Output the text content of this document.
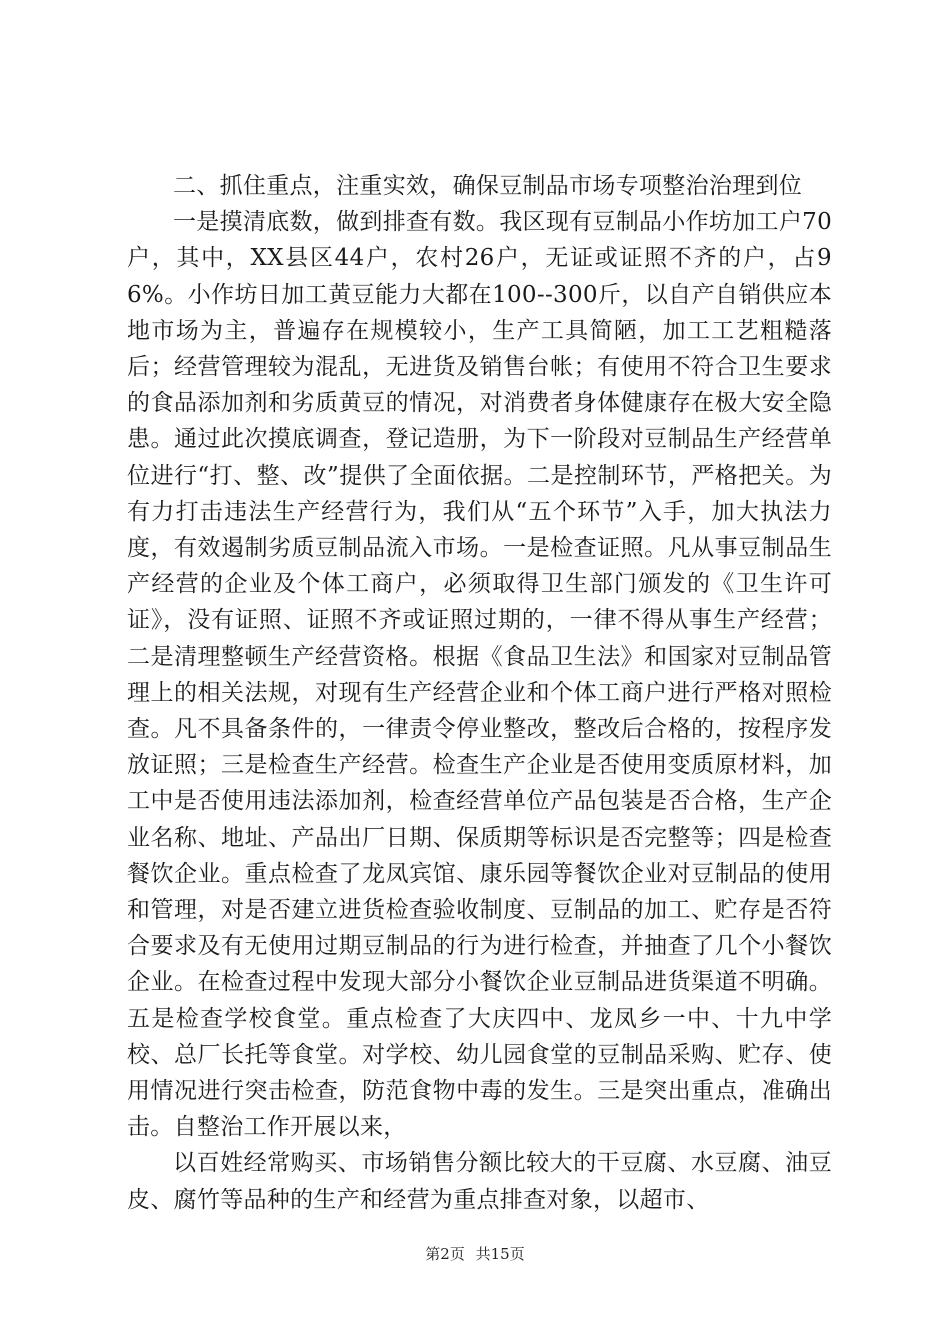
二、抓住重点，注重实效，确保豆制品市场专项整治治理到位

一是摸清底数，做到排查有数。我区现有豆制品小作坊加工户70户，其中，XX县区44户，农村26户，无证或证照不齐的户，占96%。小作坊日加工黄豆能力大都在100--300斤，以自产自销供应本地市场为主，普遍存在规模较小，生产工具简陋，加工工艺粗糙落后；经营管理较为混乱，无进货及销售台帐；有使用不符合卫生要求的食品添加剂和劣质黄豆的情况，对消费者身体健康存在极大安全隐患。通过此次摸底调查，登记造册，为下一阶段对豆制品生产经营单位进行“打、整、改”提供了全面依据。二是控制环节，严格把关。为有力打击违法生产经营行为，我们从“五个环节”入手，加大执法力度，有效遏制劣质豆制品流入市场。一是检查证照。凡从事豆制品生产经营的企业及个体工商户，必须取得卫生部门颁发的《卫生许可证》，没有证照、证照不齐或证照过期的，一律不得从事生产经营；二是清理整顿生产经营资格。根据《食品卫生法》和国家对豆制品管理上的相关法规，对现有生产经营企业和个体工商户进行严格对照检查。凡不具备条件的，一律责令停业整改，整改后合格的，按程序发放证照；三是检查生产经营。检查生产企业是否使用变质原材料，加工中是否使用违法添加剂，检查经营单位产品包装是否合格，生产企业名称、地址、产品出厂日期、保质期等标识是否完整等；四是检查餐饮企业。重点检查了龙凤宾馆、康乐园等餐饮企业对豆制品的使用和管理，对是否建立进货检查验收制度、豆制品的加工、贮存是否符合要求及有无使用过期豆制品的行为进行检查，并抽查了几个小餐饮企业。在检查过程中发现大部分小餐饮企业豆制品进货渠道不明确。五是检查学校食堂。重点检查了大庆四中、龙凤乡一中、十九中学校、总厂长托等食堂。对学校、幼儿园食堂的豆制品采购、贮存、使用情况进行突击检查，防范食物中毒的发生。三是突出重点，准确出击。自整治工作开展以来，

以百姓经常购买、市场销售分额比较大的干豆腐、水豆腐、油豆皮、腐竹等品种的生产和经营为重点排查对象，以超市、

第2页 共15页
